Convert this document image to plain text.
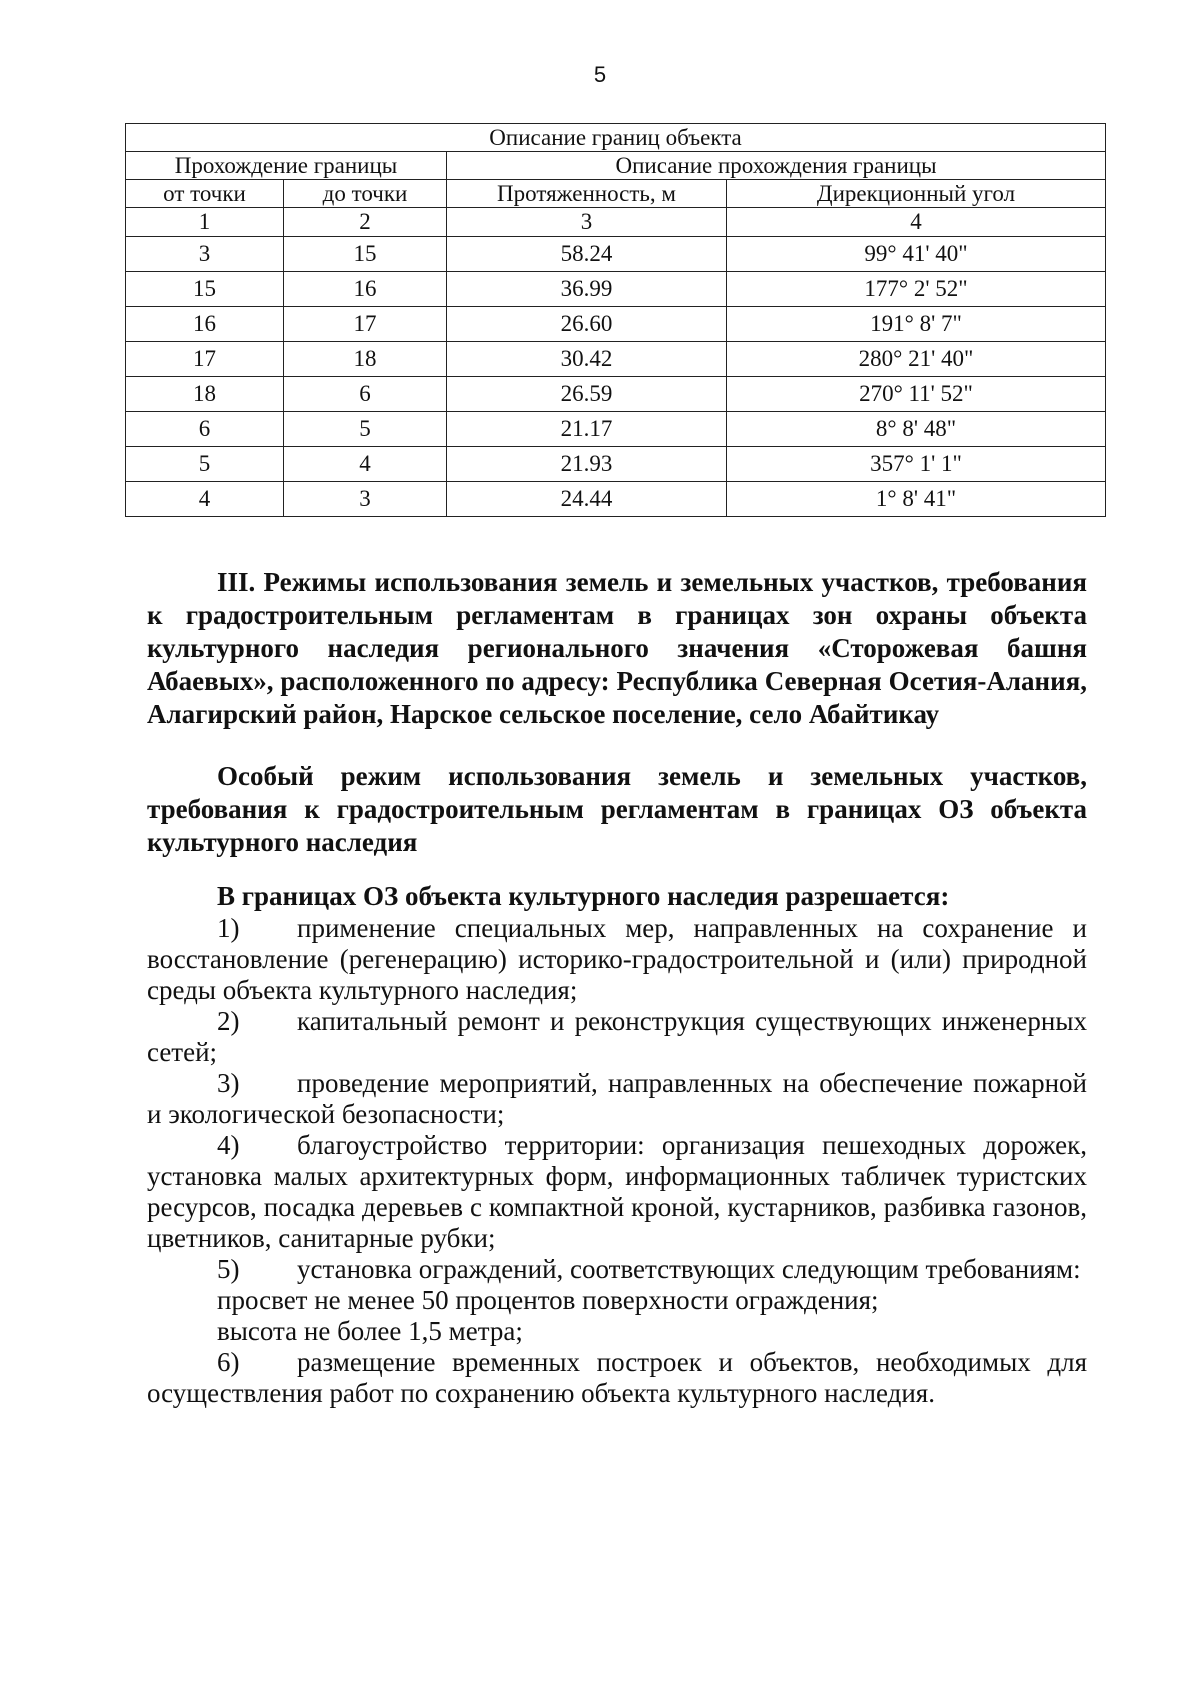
5
Описание границ объекта			
Прохождение границы		Описание прохождения границы	
от точки	до точки	Протяженность, м	Дирекционный угол
1	2	3	4
3	15	58.24	99° 41' 40"
15	16	36.99	177° 2' 52"
16	17	26.60	191° 8' 7"
17	18	30.42	280° 21' 40"
18	6	26.59	270° 11' 52"
6	5	21.17	8° 8' 48"
5	4	21.93	357° 1' 1"
4	3	24.44	1° 8' 41"
III. Режимы использования земель и земельных участков, требования к градостроительным регламентам в границах зон охраны объекта культурного наследия регионального значения «Сторожевая башня Абаевых», расположенного по адресу: Республика Северная Осетия-Алания, Алагирский район, Нарское сельское поселение, село Абайтикау
Особый режим использования земель и земельных участков, требования к градостроительным регламентам в границах ОЗ объекта культурного наследия
В границах ОЗ объекта культурного наследия разрешается:

1) применение специальных мер, направленных на сохранение и восстановление (регенерацию) историко-градостроительной и (или) природной среды объекта культурного наследия;

2) капитальный ремонт и реконструкция существующих инженерных сетей;

3) проведение мероприятий, направленных на обеспечение пожарной и экологической безопасности;

4) благоустройство территории: организация пешеходных дорожек, установка малых архитектурных форм, информационных табличек туристских ресурсов, посадка деревьев с компактной кроной, кустарников, разбивка газонов, цветников, санитарные рубки;

5) установка ограждений, соответствующих следующим требованиям:

просвет не менее 50 процентов поверхности ограждения;

высота не более 1,5 метра;

6) размещение временных построек и объектов, необходимых для осуществления работ по сохранению объекта культурного наследия.
